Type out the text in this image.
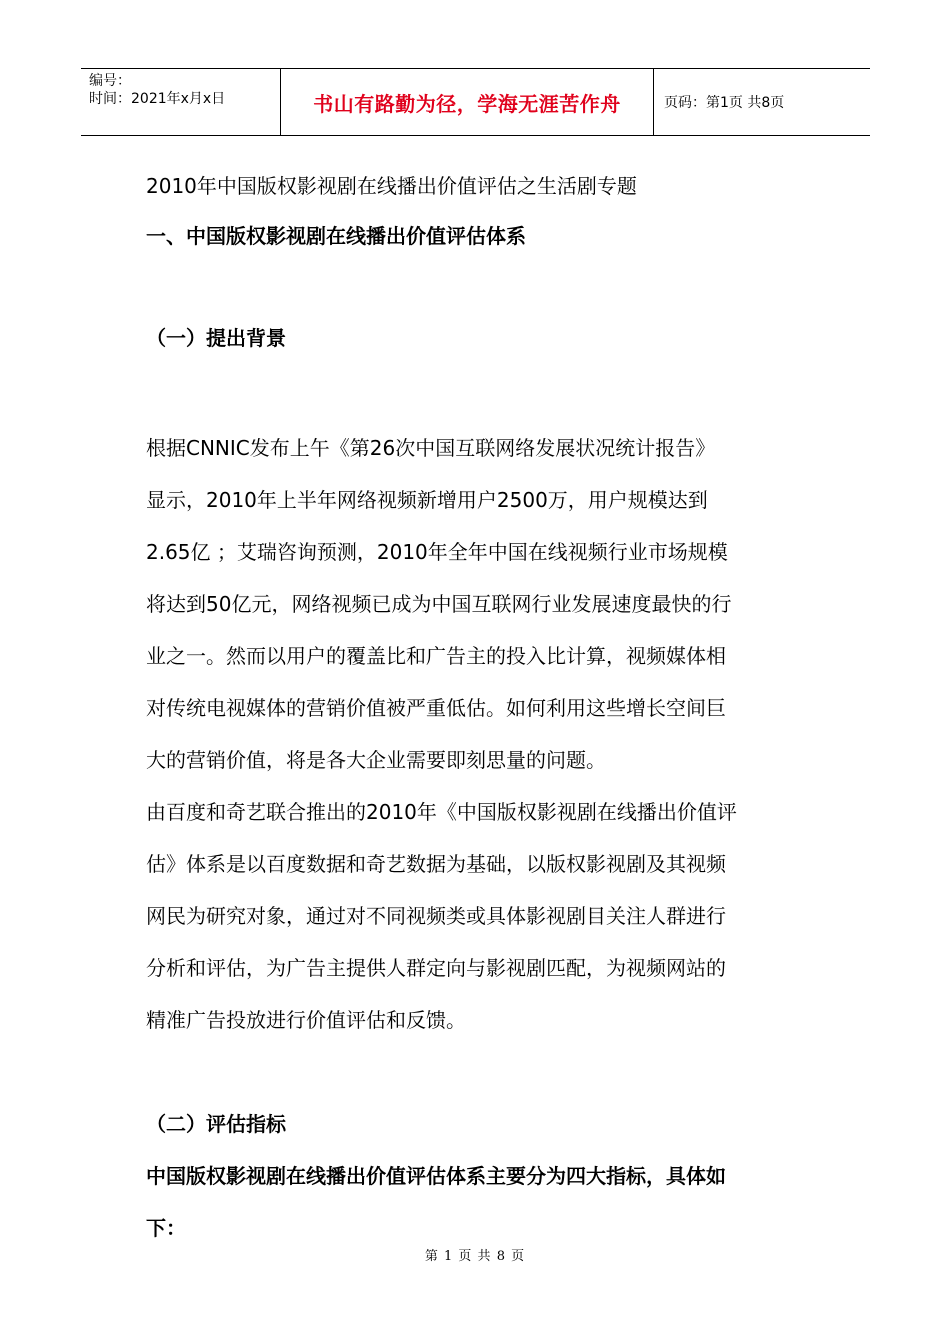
编号：
时间：2021年x月x日	书山有路勤为径，学海无涯苦作舟	页码：第1页 共8页
2010年中国版权影视剧在线播出价值评估之生活剧专题
一、中国版权影视剧在线播出价值评估体系
（一）提出背景

根据CNNIC发布上午《第26次中国互联网络发展状况统计报告》

显示，2010年上半年网络视频新增用户2500万，用户规模达到

2.65亿 ；艾瑞咨询预测，2010年全年中国在线视频行业市场规模

将达到50亿元，网络视频已成为中国互联网行业发展速度最快的行

业之一。然而以用户的覆盖比和广告主的投入比计算，视频媒体相

对传统电视媒体的营销价值被严重低估。如何利用这些增长空间巨

大的营销价值，将是各大企业需要即刻思量的问题。

由百度和奇艺联合推出的2010年《中国版权影视剧在线播出价值评

估》体系是以百度数据和奇艺数据为基础，以版权影视剧及其视频

网民为研究对象，通过对不同视频类或具体影视剧目关注人群进行

分析和评估，为广告主提供人群定向与影视剧匹配，为视频网站的

精准广告投放进行价值评估和反馈。

（二）评估指标

中国版权影视剧在线播出价值评估体系主要分为四大指标，具体如

下：

第 1 页 共 8 页
